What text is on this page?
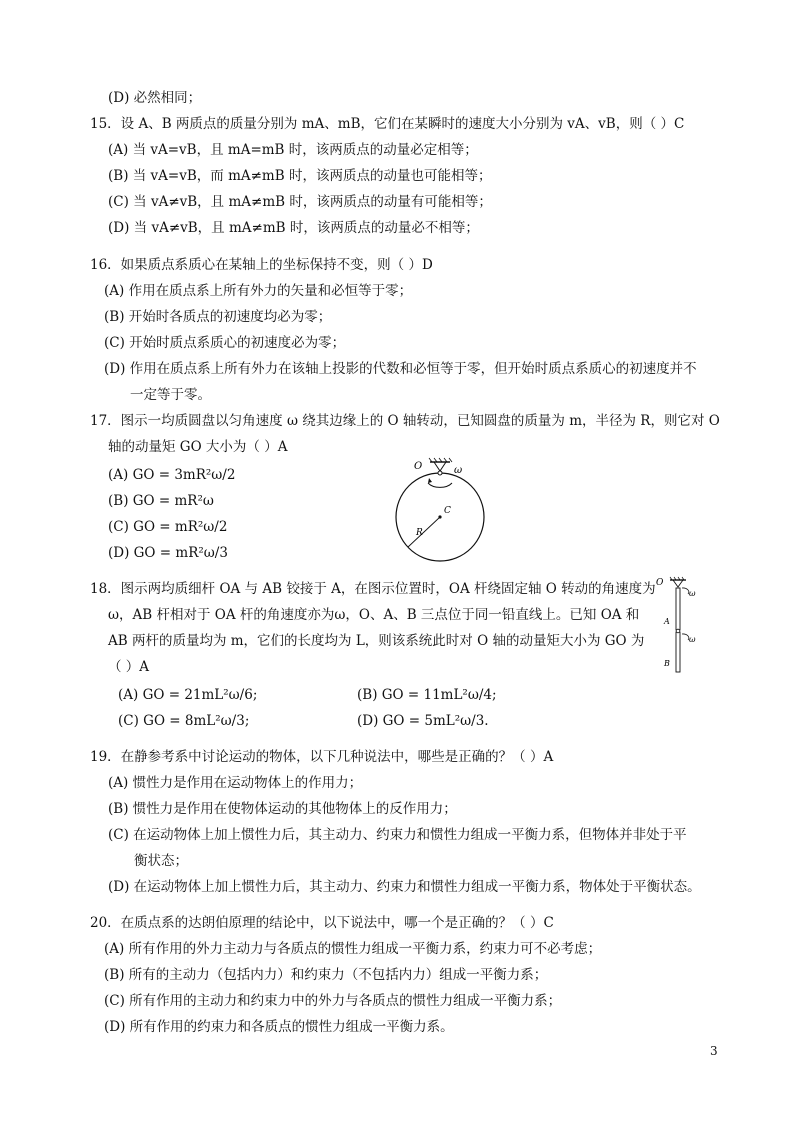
(D) 必然相同；
15．设 A、B 两质点的质量分别为 mA、mB，它们在某瞬时的速度大小分别为 vA、vB，则（ ）C
(A) 当 vA=vB，且 mA=mB 时，该两质点的动量必定相等；
(B) 当 vA=vB，而 mA≠mB 时，该两质点的动量也可能相等；
(C) 当 vA≠vB，且 mA≠mB 时，该两质点的动量有可能相等；
(D) 当 vA≠vB，且 mA≠mB 时，该两质点的动量必不相等；
16．如果质点系质心在某轴上的坐标保持不变，则（ ）D
(A) 作用在质点系上所有外力的矢量和必恒等于零；
(B) 开始时各质点的初速度均必为零；
(C) 开始时质点系质心的初速度必为零；
(D) 作用在质点系上所有外力在该轴上投影的代数和必恒等于零，但开始时质点系质心的初速度并不
一定等于零。
17．图示一均质圆盘以匀角速度 ω 绕其边缘上的 O 轴转动，已知圆盘的质量为 m，半径为 R，则它对 O
轴的动量矩 GO 大小为（ ）A
(A) GO = 3mR²ω/2
(B) GO = mR²ω
(C) GO = mR²ω/2
(D) GO = mR²ω/3
O	ω
C
R
18．图示两均质细杆 OA 与 AB 铰接于 A，在图示位置时，OA 杆绕固定轴 O 转动的角速度为
ω，AB 杆相对于 OA 杆的角速度亦为ω，O、A、B 三点位于同一铅直线上。已知 OA 和
AB 两杆的质量均为 m，它们的长度均为 L，则该系统此时对 O 轴的动量矩大小为 GO 为
（ ）A
(A) GO = 21mL²ω/6;	(B) GO = 11mL²ω/4;
(C) GO = 8mL²ω/3;	(D) GO = 5mL²ω/3.
O
A
B
ω
ω
19．在静参考系中讨论运动的物体，以下几种说法中，哪些是正确的？（ ）A
(A) 惯性力是作用在运动物体上的作用力；
(B) 惯性力是作用在使物体运动的其他物体上的反作用力；
(C) 在运动物体上加上惯性力后，其主动力、约束力和惯性力组成一平衡力系，但物体并非处于平
衡状态；
(D) 在运动物体上加上惯性力后，其主动力、约束力和惯性力组成一平衡力系，物体处于平衡状态。
20．在质点系的达朗伯原理的结论中，以下说法中，哪一个是正确的？（ ）C
(A) 所有作用的外力主动力与各质点的惯性力组成一平衡力系，约束力可不必考虑；
(B) 所有的主动力（包括内力）和约束力（不包括内力）组成一平衡力系；
(C) 所有作用的主动力和约束力中的外力与各质点的惯性力组成一平衡力系；
(D) 所有作用的约束力和各质点的惯性力组成一平衡力系。
3
